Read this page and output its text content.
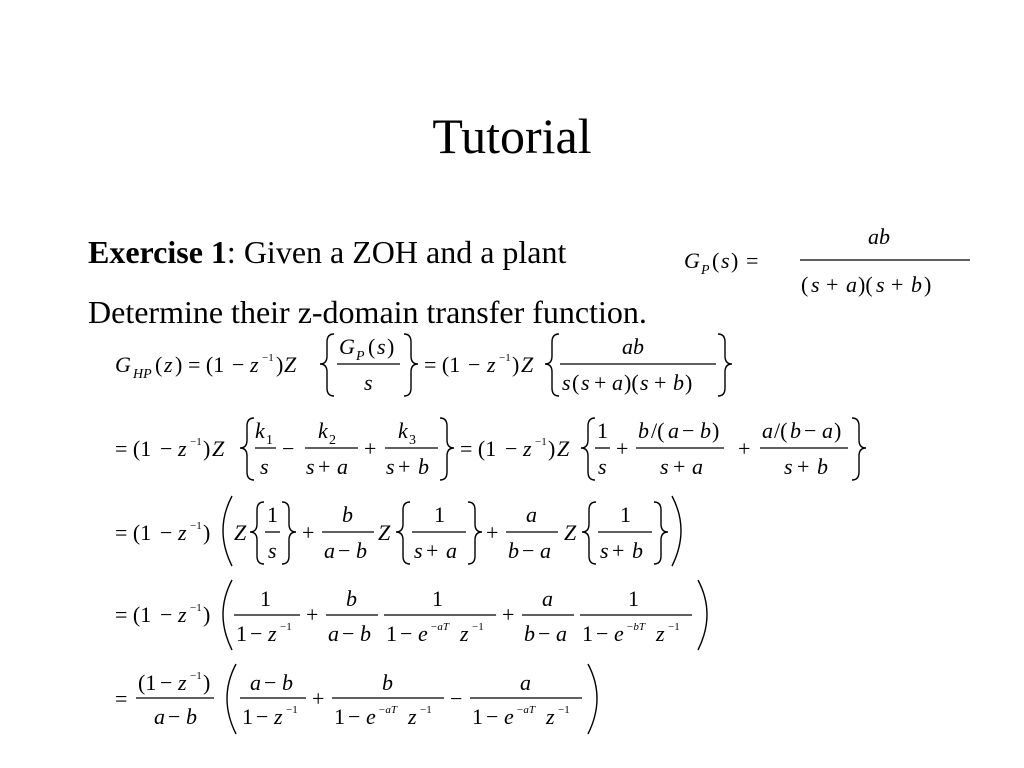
Tutorial
Exercise 1: Given a ZOH and a plant
Determine their z-domain transfer function.
G P ( s ) =
ab
( s + a )( s + b )
G HP ( z ) = (1 − z −1 ) Z
G P ( s )
s
= (1 − z −1 ) Z
ab
s ( s + a )( s + b )
= (1 − z −1 ) Z
k 1
s
−
k 2
s + a
+
k 3
s + b
= (1 − z −1 ) Z
1
s
+
b /( a − b )
s + a
+
a /( b − a )
s + b
= (1 − z −1 ) Z
1
s
+
b
a − b
Z
1
s + a
+
a
b − a
Z
1
s + b
= (1 − z −1 )
1
1 − z −1 +
b
a − b
1
1 − e −aT z −1 +
a
b − a
1
1 − e −bT z −1
=
(1 − z −1 )
a − b
a − b
1 − z −1 +
b
1 − e −aT z −1 −
a
1 − e −aT z −1
